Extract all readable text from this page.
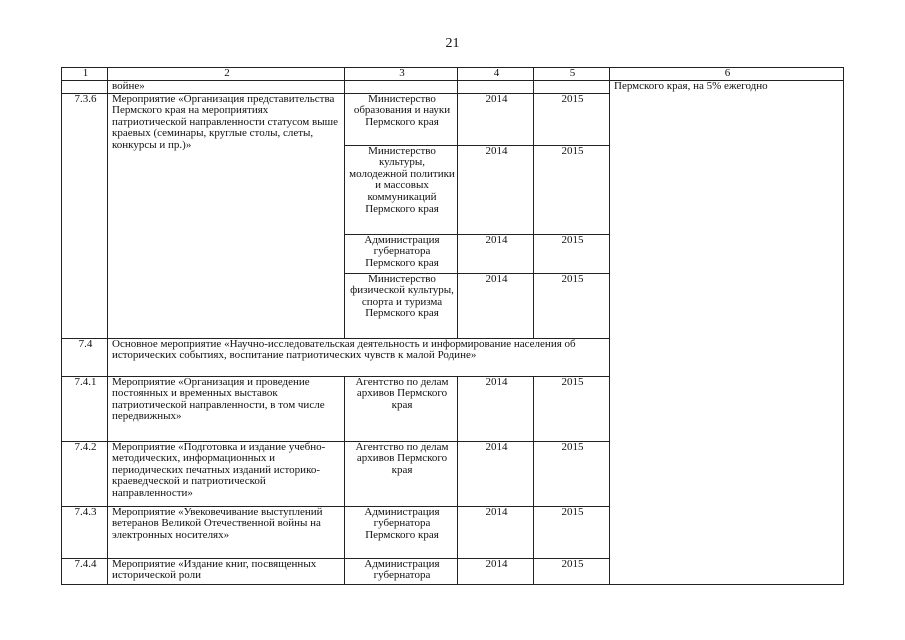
21
1	2	3	4	5	6
	войне»				Пермского края, на 5% ежегодно
7.3.6	Мероприятие «Организация представительства Пермского края на мероприятиях патриотической направленности статусом выше краевых (семинары, круглые столы, слеты, конкурсы и пр.)»	Министерство образования и науки Пермского края	2014	2015	
		Министерство культуры, молодежной политики и массовых коммуникаций Пермского края	2014	2015	
		Администрация губернатора Пермского края	2014	2015	
		Министерство физической культуры, спорта и туризма Пермского края	2014	2015	
7.4	Основное мероприятие «Научно-исследовательская деятельность и информирование населения об исторических событиях, воспитание патриотических чувств к малой Родине»				
7.4.1	Мероприятие «Организация и проведение постоянных и временных выставок патриотической направленности, в том числе передвижных»	Агентство по делам архивов Пермского края	2014	2015	
7.4.2	Мероприятие «Подготовка и издание учебно-методических, информационных и периодических печатных изданий историко-краеведческой и патриотической направленности»	Агентство по делам архивов Пермского края	2014	2015	
7.4.3	Мероприятие «Увековечивание выступлений ветеранов Великой Отечественной войны на электронных носителях»	Администрация губернатора Пермского края	2014	2015	
7.4.4	Мероприятие «Издание книг, посвященных исторической роли	Администрация губернатора	2014	2015	
